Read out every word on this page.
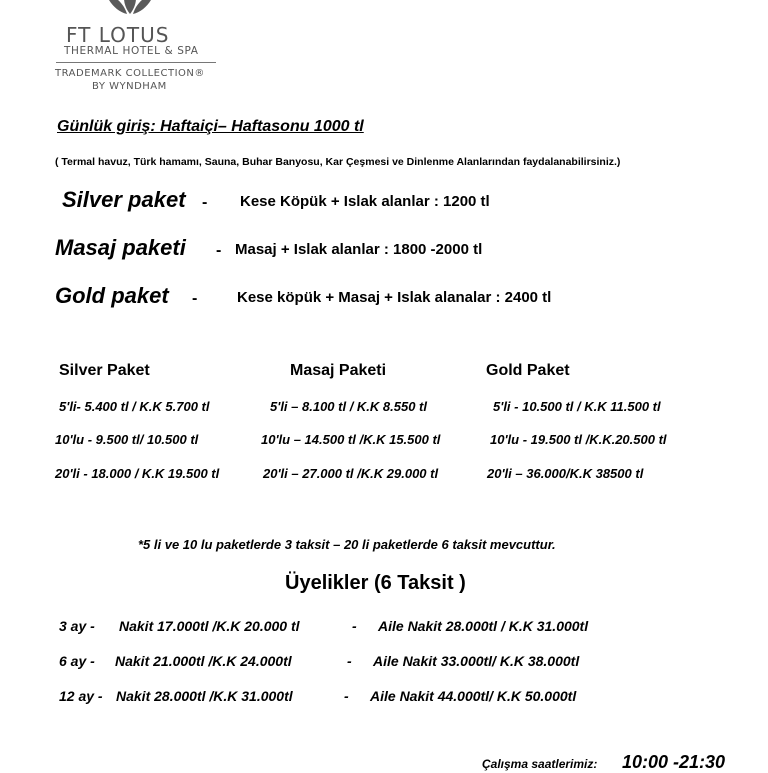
FT LOTUS
THERMAL HOTEL & SPA
TRADEMARK COLLECTION®
BY WYNDHAM
Günlük giriş: Haftaiçi– Haftasonu 1000 tl
( Termal havuz, Türk hamamı, Sauna, Buhar Banyosu, Kar Çeşmesi ve Dinlenme Alanlarından faydalanabilirsiniz.)
Silver paket - Kese Köpük + Islak alanlar : 1200 tl
Masaj paketi - Masaj + Islak alanlar : 1800 -2000 tl
Gold paket -	Kese köpük + Masaj + Islak alanalar : 2400 tl
Silver Paket	Masaj Paketi	Gold Paket
5'li- 5.400 tl / K.K 5.700 tl	5'li – 8.100 tl / K.K 8.550 tl	5'li - 10.500 tl / K.K 11.500 tl
10'lu - 9.500 tl/ 10.500 tl	10'lu – 14.500 tl /K.K 15.500 tl	10'lu - 19.500 tl /K.K.20.500 tl
20'li - 18.000 / K.K 19.500 tl	20'li – 27.000 tl /K.K 29.000 tl	20'li – 36.000/K.K 38500 tl
*5 li ve 10 lu paketlerde 3 taksit – 20 li paketlerde 6 taksit mevcuttur.
Üyelikler (6 Taksit )
3 ay - Nakit 17.000tl /K.K 20.000 tl	- Aile Nakit 28.000tl / K.K 31.000tl
6 ay - Nakit 21.000tl /K.K 24.000tl	- Aile Nakit 33.000tl/ K.K 38.000tl
12 ay - Nakit 28.000tl /K.K 31.000tl	- Aile Nakit 44.000tl/ K.K 50.000tl
Çalışma saatlerimiz: 10:00 -21:30
